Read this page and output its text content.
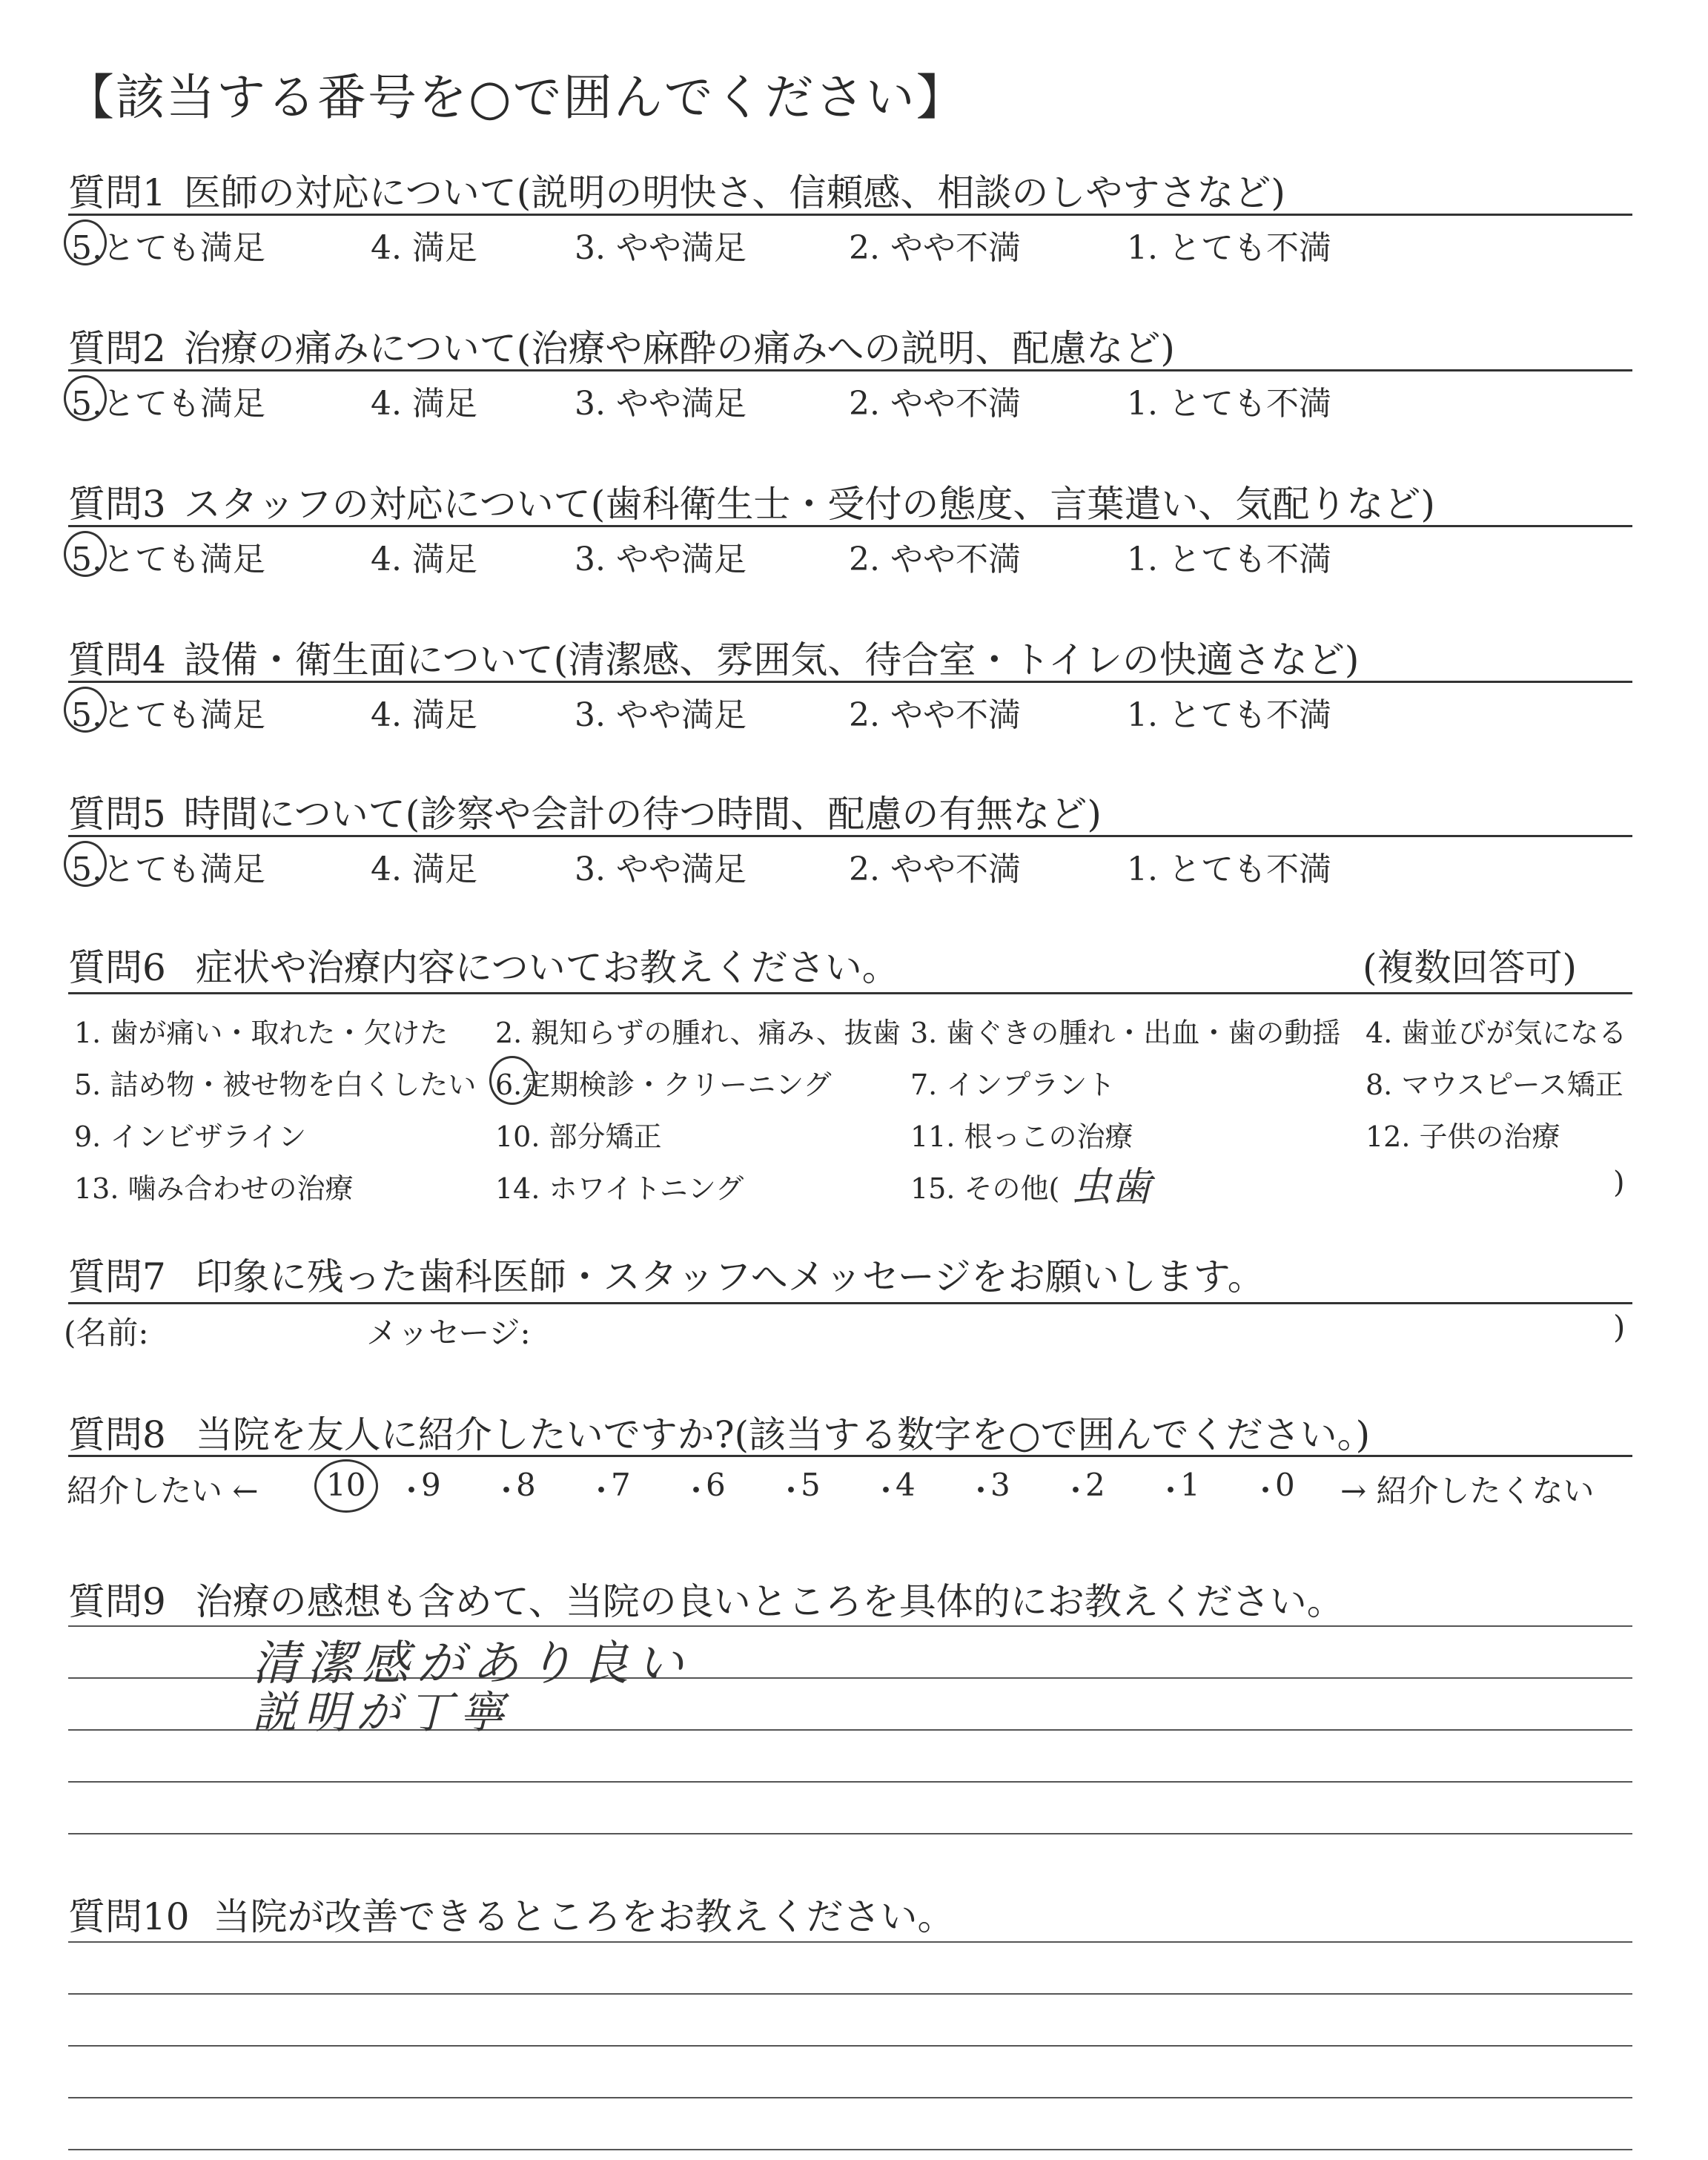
【該当する番号を○で囲んでください】
質問1 医師の対応について(説明の明快さ、信頼感、相談のしやすさなど)
5.とても満足	4. 満足	3. やや満足	2. やや不満	1. とても不満
質問2 治療の痛みについて(治療や麻酔の痛みへの説明、配慮など)
5.とても満足	4. 満足	3. やや満足	2. やや不満	1. とても不満
質問3 スタッフの対応について(歯科衛生士・受付の態度、言葉遣い、気配りなど)
5.とても満足	4. 満足	3. やや満足	2. やや不満	1. とても不満
質問4 設備・衛生面について(清潔感、雰囲気、待合室・トイレの快適さなど)
5.とても満足	4. 満足	3. やや満足	2. やや不満	1. とても不満
質問5 時間について(診察や会計の待つ時間、配慮の有無など)
5.とても満足	4. 満足	3. やや満足	2. やや不満	1. とても不満
質問6 症状や治療内容についてお教えください。	(複数回答可)
1. 歯が痛い・取れた・欠けた 2. 親知らずの腫れ、痛み、抜歯 3. 歯ぐきの腫れ・出血・歯の動揺 4. 歯並びが気になる
5. 詰め物・被せ物を白くしたい 6.定期検診・クリーニング	7. インプラント	8. マウスピース矯正
9. インビザライン	10. 部分矯正	11. 根っこの治療	12. 子供の治療
13. 噛み合わせの治療	14. ホワイトニング	15. その他(	)
虫歯
質問7 印象に残った歯科医師・スタッフへメッセージをお願いします。
(名前:	メッセージ:	)
質問8 当院を友人に紹介したいですか?(該当する数字を○で囲んでください。)
紹介したい ← 10 ・
9 ・
8 ・
7 ・
6 ・
5 ・
4 ・
3 ・
2 ・
1 ・
0 → 紹介したくない
質問9 治療の感想も含めて、当院の良いところを具体的にお教えください。
清潔感があり良い
説明が丁寧
質問10 当院が改善できるところをお教えください。
